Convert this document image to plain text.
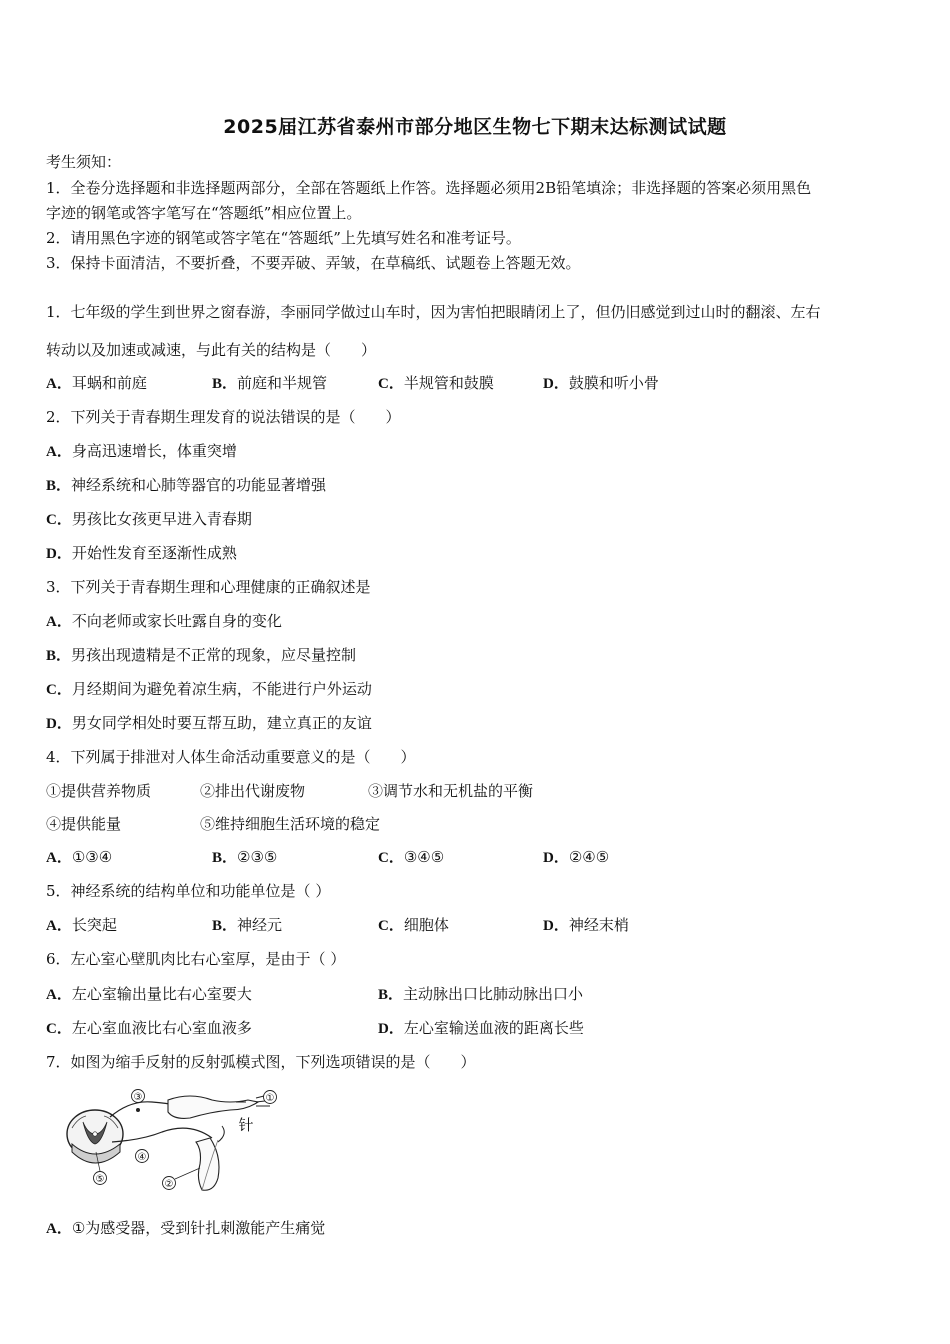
2025届江苏省泰州市部分地区生物七下期末达标测试试题
考生须知：
1．全卷分选择题和非选择题两部分，全部在答题纸上作答。选择题必须用2B铅笔填涂；非选择题的答案必须用黑色
字迹的钢笔或答字笔写在“答题纸”相应位置上。
2．请用黑色字迹的钢笔或答字笔在“答题纸”上先填写姓名和准考证号。
3．保持卡面清洁，不要折叠，不要弄破、弄皱，在草稿纸、试题卷上答题无效。
1．七年级的学生到世界之窗春游，李丽同学做过山车时，因为害怕把眼睛闭上了，但仍旧感觉到过山时的翻滚、左右
转动以及加速或减速，与此有关的结构是（　　）
A．耳蜗和前庭	B．前庭和半规管	C．半规管和鼓膜	D．鼓膜和听小骨
2．下列关于青春期生理发育的说法错误的是（　　）
A．身高迅速增长，体重突增
B．神经系统和心肺等器官的功能显著增强
C．男孩比女孩更早进入青春期
D．开始性发育至逐渐性成熟
3．下列关于青春期生理和心理健康的正确叙述是
A．不向老师或家长吐露自身的变化
B．男孩出现遗精是不正常的现象，应尽量控制
C．月经期间为避免着凉生病，不能进行户外运动
D．男女同学相处时要互帮互助，建立真正的友谊
4．下列属于排泄对人体生命活动重要意义的是（　　）
①提供营养物质	②排出代谢废物	③调节水和无机盐的平衡
④提供能量	⑤维持细胞生活环境的稳定
A．①③④	B．②③⑤	C．③④⑤	D．②④⑤
5．神经系统的结构单位和功能单位是（ ）
A．长突起	B．神经元	C．细胞体	D．神经末梢
6．左心室心壁肌肉比右心室厚，是由于（ ）
A．左心室输出量比右心室要大	B．主动脉出口比肺动脉出口小
C．左心室血液比右心室血液多	D．左心室输送血液的距离长些
7．如图为缩手反射的反射弧模式图，下列选项错误的是（　　）
①
针
③
④
⑤	②
A．①为感受器，受到针扎刺激能产生痛觉
